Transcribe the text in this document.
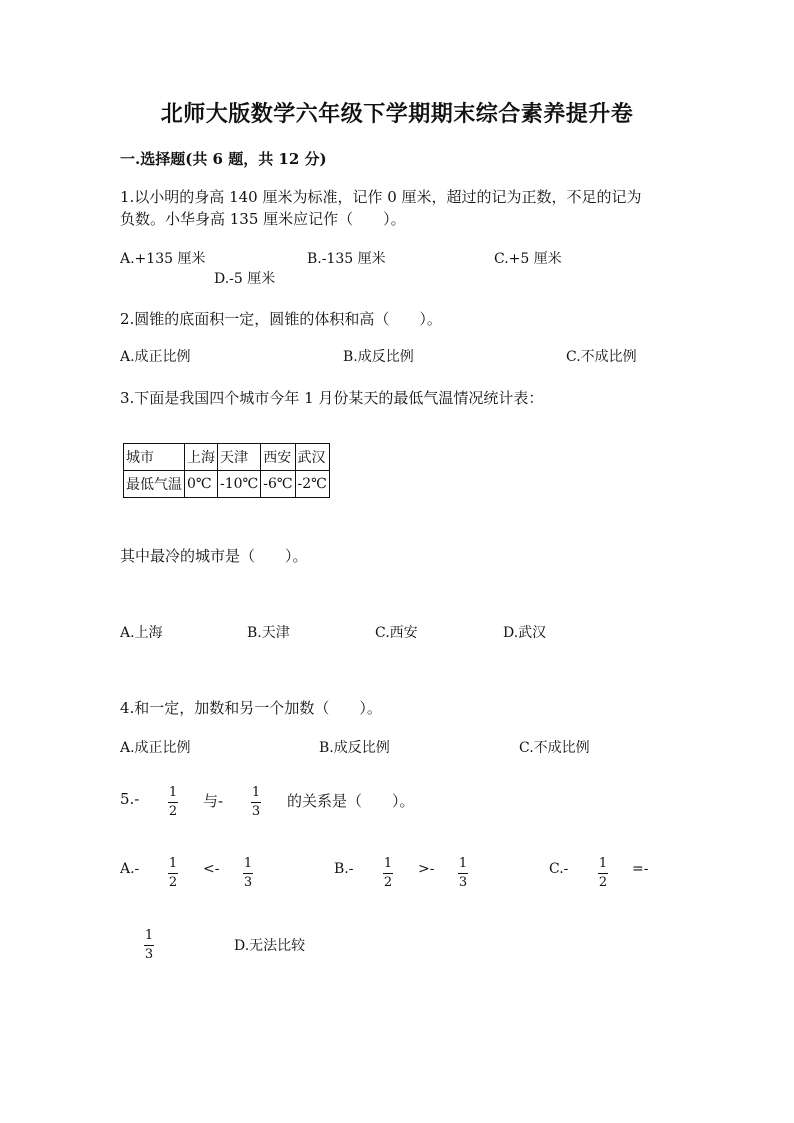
北师大版数学六年级下学期期末综合素养提升卷
一.选择题(共 6 题，共 12 分)
1.以小明的身高 140 厘米为标准，记作 0 厘米，超过的记为正数，不足的记为
负数。小华身高 135 厘米应记作（　　）。
A.+135 厘米	B.-135 厘米	C.+5 厘米
D.-5 厘米
2.圆锥的底面积一定，圆锥的体积和高（　　）。
A.成正比例	B.成反比例	C.不成比例
3.下面是我国四个城市今年 1 月份某天的最低气温情况统计表：
城市	上海	天津	西安	武汉
最低气温	0℃	-10℃	-6℃	-2℃
其中最冷的城市是（　　）。
A.上海	B.天津	C.西安	D.武汉
4.和一定，加数和另一个加数（　　）。
A.成正比例	B.成反比例	C.不成比例
5.- 1
2
与- 1
3
的关系是（　　）。
A.- 1
2
<- 1
3
B.- 1
2
>- 1
3
C.- 1
2
=-
1
3
D.无法比较
